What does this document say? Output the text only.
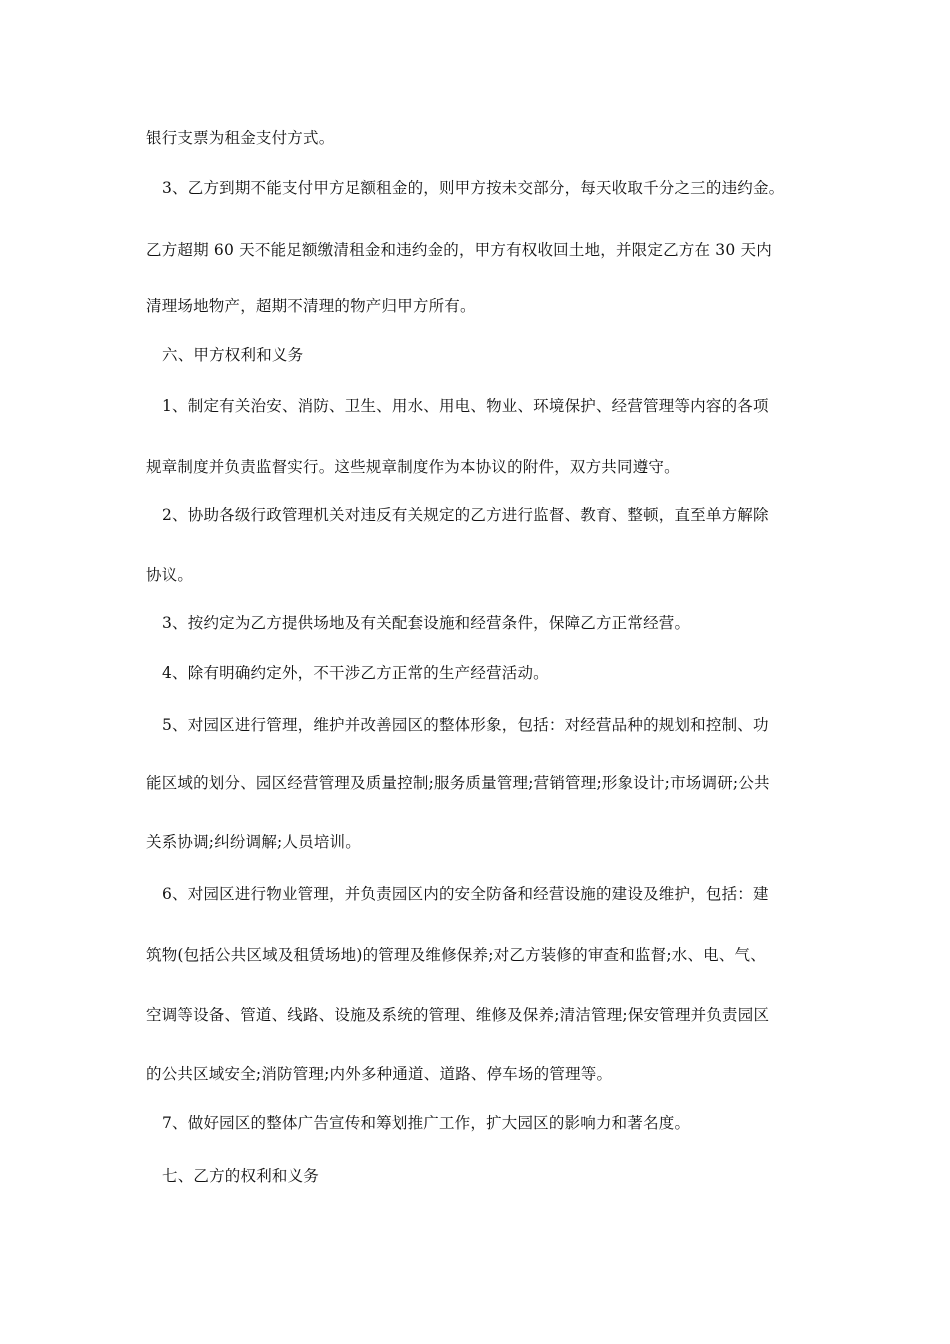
银行支票为租金支付方式。
3、乙方到期不能支付甲方足额租金的，则甲方按未交部分，每天收取千分之三的违约金。
乙方超期 60 天不能足额缴清租金和违约金的，甲方有权收回土地，并限定乙方在 30 天内
清理场地物产，超期不清理的物产归甲方所有。
六、甲方权利和义务
1、制定有关治安、消防、卫生、用水、用电、物业、环境保护、经营管理等内容的各项
规章制度并负责监督实行。这些规章制度作为本协议的附件，双方共同遵守。
2、协助各级行政管理机关对违反有关规定的乙方进行监督、教育、整顿，直至单方解除
协议。
3、按约定为乙方提供场地及有关配套设施和经营条件，保障乙方正常经营。
4、除有明确约定外，不干涉乙方正常的生产经营活动。
5、对园区进行管理，维护并改善园区的整体形象，包括：对经营品种的规划和控制、功
能区域的划分、园区经营管理及质量控制;服务质量管理;营销管理;形象设计;市场调研;公共
关系协调;纠纷调解;人员培训。
6、对园区进行物业管理，并负责园区内的安全防备和经营设施的建设及维护，包括：建
筑物(包括公共区域及租赁场地)的管理及维修保养;对乙方装修的审查和监督;水、电、气、
空调等设备、管道、线路、设施及系统的管理、维修及保养;清洁管理;保安管理并负责园区
的公共区域安全;消防管理;内外多种通道、道路、停车场的管理等。
7、做好园区的整体广告宣传和筹划推广工作，扩大园区的影响力和著名度。
七、乙方的权利和义务
